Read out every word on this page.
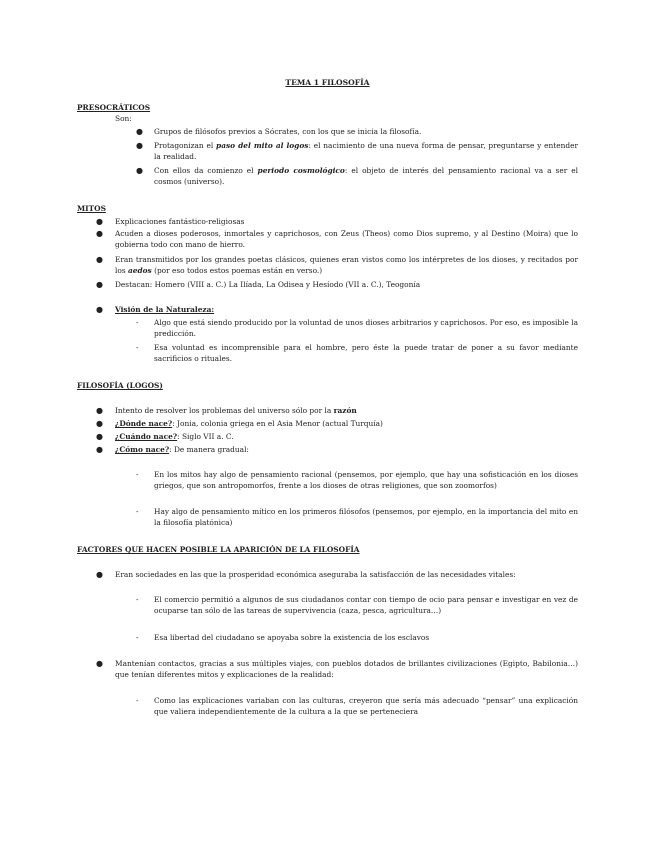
TEMA 1 FILOSOFÍA
PRESOCRÁTICOS
Son:
● Grupos de filósofos previos a Sócrates, con los que se inicia la filosofía.
● Protagonizan el paso del mito al logos: el nacimiento de una nueva forma de pensar, preguntarse y entender la realidad.
● Con ellos da comienzo el periodo cosmológico: el objeto de interés del pensamiento racional va a ser el cosmos (universo).
MITOS
● Explicaciones fantástico-religiosas
● Acuden a dioses poderosos, inmortales y caprichosos, con Zeus (Theos) como Dios supremo, y al Destino (Moira) que lo gobierna todo con mano de hierro.
● Eran transmitidos por los grandes poetas clásicos, quienes eran vistos como los intérpretes de los dioses, y recitados por los aedos (por eso todos estos poemas están en verso.)
● Destacan: Homero (VIII a. C.) La Ilíada, La Odisea y Hesíodo (VII a. C.), Teogonía
● Visión de la Naturaleza:
- Algo que está siendo producido por la voluntad de unos dioses arbitrarios y caprichosos. Por eso, es imposible la predicción.
- Esa voluntad es incomprensible para el hombre, pero éste la puede tratar de poner a su favor mediante sacrificios o rituales.
FILOSOFÍA (LOGOS)
● Intento de resolver los problemas del universo sólo por la razón
● ¿Dónde nace?: Jonia, colonia griega en el Asia Menor (actual Turquía)
● ¿Cuándo nace?: Siglo VII a. C.
● ¿Cómo nace?: De manera gradual:
- En los mitos hay algo de pensamiento racional (pensemos, por ejemplo, que hay una sofisticación en los dioses griegos, que son antropomorfos, frente a los dioses de otras religiones, que son zoomorfos)
- Hay algo de pensamiento mítico en los primeros filósofos (pensemos, por ejemplo, en la importancia del mito en la filosofía platónica)
FACTORES QUE HACEN POSIBLE LA APARICIÓN DE LA FILOSOFÍA
● Eran sociedades en las que la prosperidad económica aseguraba la satisfacción de las necesidades vitales:
- El comercio permitió a algunos de sus ciudadanos contar con tiempo de ocio para pensar e investigar en vez de ocuparse tan sólo de las tareas de supervivencia (caza, pesca, agricultura…)
- Esa libertad del ciudadano se apoyaba sobre la existencia de los esclavos
● Mantenían contactos, gracias a sus múltiples viajes, con pueblos dotados de brillantes civilizaciones (Egipto, Babilonia…) que tenían diferentes mitos y explicaciones de la realidad:
- Como las explicaciones variaban con las culturas, creyeron que sería más adecuado “pensar” una explicación que valiera independientemente de la cultura a la que se perteneciera
